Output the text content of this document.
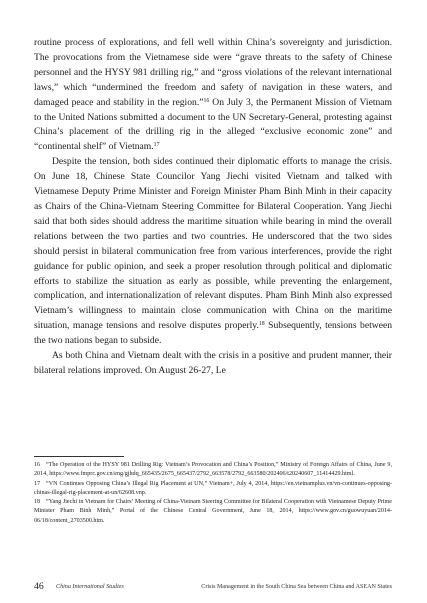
routine process of explorations, and fell well within China’s sovereignty and jurisdiction. The provocations from the Vietnamese side were “grave threats to the safety of Chinese personnel and the HYSY 981 drilling rig,” and “gross violations of the relevant international laws,” which “undermined the freedom and safety of navigation in these waters, and damaged peace and stability in the region.”$^{16}$ On July 3, the Permanent Mission of Vietnam to the United Nations submitted a document to the UN Secretary-General, protesting against China’s placement of the drilling rig in the alleged “exclusive economic zone” and “continental shelf” of Vietnam.$^{17}$

Despite the tension, both sides continued their diplomatic efforts to manage the crisis. On June 18, Chinese State Councilor Yang Jiechi visited Vietnam and talked with Vietnamese Deputy Prime Minister and Foreign Minister Pham Binh Minh in their capacity as Chairs of the China-Vietnam Steering Committee for Bilateral Cooperation. Yang Jiechi said that both sides should address the maritime situation while bearing in mind the overall relations between the two parties and two countries. He underscored that the two sides should persist in bilateral communication free from various interferences, provide the right guidance for public opinion, and seek a proper resolution through political and diplomatic efforts to stabilize the situation as early as possible, while preventing the enlargement, complication, and internationalization of relevant disputes. Pham Binh Minh also expressed Vietnam’s willingness to maintain close communication with China on the maritime situation, manage tensions and resolve disputes properly.$^{18}$ Subsequently, tensions between the two nations began to subside.

As both China and Vietnam dealt with the crisis in a positive and prudent manner, their bilateral relations improved. On August 26-27, Le

16 “The Operation of the HYSY 981 Drilling Rig: Vietnam’s Provocation and China’s Position,” Ministry of Foreign Affairs of China, June 9, 2014, https://www.fmprc.gov.cn/eng/gjhdq_665435/2675_665437/2792_663578/2792_663580/202406/t20240607_11414429.html.

17 “VN Continues Opposing China’s Illegal Rig Placement at UN,” Vietnam+, July 4, 2014, https://en.vietnamplus.vn/vn-continues-opposing-chinas-illegal-rig-placement-at-un/62608.vnp.

18 “Yang Jiechi in Vietnam for Chairs’ Meeting of China-Vietnam Steering Committee for Bilateral Cooperation with Vietnamese Deputy Prime Minister Pham Binh Minh,” Portal of the Chinese Central Government, June 18, 2014, https://www.gov.cn/guowuyuan/2014-06/18/content_2703500.htm.

46 China International Studies	Crisis Management in the South China Sea between China and ASEAN States
